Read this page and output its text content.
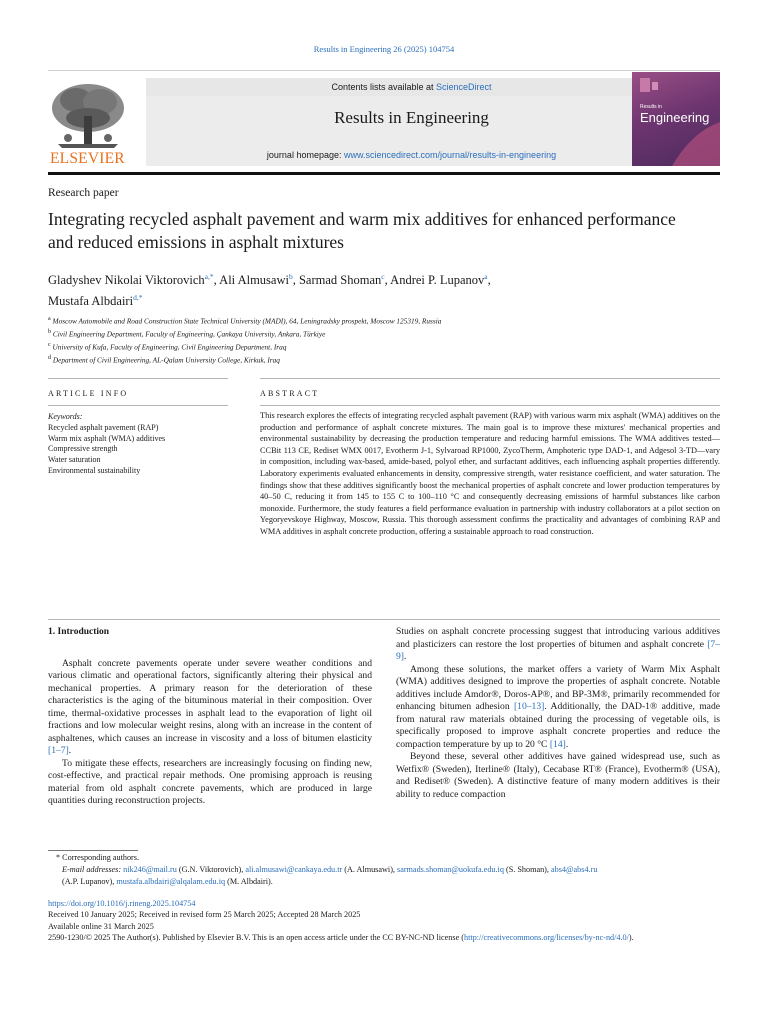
Results in Engineering 26 (2025) 104754
ELSEVIER
Contents lists available at ScienceDirect
Results in Engineering
journal homepage: www.sciencedirect.com/journal/results-in-engineering
Results in
Engineering
Research paper
Integrating recycled asphalt pavement and warm mix additives for enhanced performance and reduced emissions in asphalt mixtures
Gladyshev Nikolai Viktorovich$^{a,*}$, Ali Almusawi$^b$, Sarmad Shoman$^c$, Andrei P. Lupanov$^a$,
Mustafa Albdairi$^{d,*}$
$^a$ Moscow Automobile and Road Construction State Technical University (MADI), 64, Leningradsky prospekt, Moscow 125319, Russia
$^b$ Civil Engineering Department, Faculty of Engineering, Çankaya University, Ankara, Türkiye
$^c$ University of Kufa, Faculty of Engineering, Civil Engineering Department, Iraq
$^d$ Department of Civil Engineering, AL-Qalam University College, Kirkuk, Iraq
ARTICLE INFO	ABSTRACT
Keywords:
Recycled asphalt pavement (RAP)
Warm mix asphalt (WMA) additives
Compressive strength
Water saturation
Environmental sustainability
This research explores the effects of integrating recycled asphalt pavement (RAP) with various warm mix asphalt (WMA) additives on the production and performance of asphalt concrete mixtures. The main goal is to improve these mixtures' mechanical properties and environmental sustainability by decreasing the production temperature and reducing harmful emissions. The WMA additives tested—CCBit 113 CE, Rediset WMX 0017, Evotherm J-1, Sylvaroad RP1000, ZycoTherm, Amphoteric type DAD-1, and Adgesol 3-TD—vary in composition, including wax-based, amide-based, polyol ether, and surfactant additives, each influencing asphalt properties differently. Laboratory experiments evaluated enhancements in density, compressive strength, water resistance coefficient, and water saturation. The findings show that these additives significantly boost the mechanical properties of asphalt concrete and lower production temperatures by 40–50 C, reducing it from 145 to 155 C to 100–110 °C and consequently decreasing emissions of harmful substances like carbon monoxide. Furthermore, the study features a field performance evaluation in partnership with industry collaborators at a pilot section on Yegoryevskoye Highway, Moscow, Russia. This thorough assessment confirms the practicality and advantages of combining RAP and WMA additives in asphalt concrete production, offering a sustainable approach to road construction.

1. Introduction

Asphalt concrete pavements operate under severe weather conditions and various climatic and operational factors, significantly altering their physical and mechanical properties. A primary reason for the deterioration of these characteristics is the aging of the bituminous material in their composition. Over time, thermal-oxidative processes in asphalt lead to the evaporation of light oil fractions and low molecular weight resins, along with an increase in the content of asphaltenes, which causes an increase in viscosity and a loss of bitumen elasticity [1–7].

To mitigate these effects, researchers are increasingly focusing on finding new, cost-effective, and practical repair methods. One promising approach is reusing material from old asphalt concrete pavements, which are produced in large quantities during reconstruction projects.

Studies on asphalt concrete processing suggest that introducing various additives and plasticizers can restore the lost properties of bitumen and asphalt concrete [7–9].

Among these solutions, the market offers a variety of Warm Mix Asphalt (WMA) additives designed to improve the properties of asphalt concrete. Notable additives include Amdor®, Doros-AP®, and BP-3M®, primarily recommended for enhancing bitumen adhesion [10–13]. Additionally, the DAD-1® additive, made from natural raw materials obtained during the processing of vegetable oils, is specifically proposed to improve asphalt concrete properties and reduce the compaction temperature by up to 20 °C [14].

Beyond these, several other additives have gained widespread use, such as Wetfix® (Sweden), Iterline® (Italy), Cecabase RT® (France), Evotherm® (USA), and Rediset® (Sweden). A distinctive feature of many modern additives is their ability to reduce compaction

* Corresponding authors.
E-mail addresses: nik246@mail.ru (G.N. Viktorovich), ali.almusawi@cankaya.edu.tr (A. Almusawi), sarmads.shoman@uokufa.edu.iq (S. Shoman), abs4@abs4.ru
(A.P. Lupanov), mustafa.albdairi@alqalam.edu.iq (M. Albdairi).
https://doi.org/10.1016/j.rineng.2025.104754
Received 10 January 2025; Received in revised form 25 March 2025; Accepted 28 March 2025
Available online 31 March 2025
2590-1230/© 2025 The Author(s). Published by Elsevier B.V. This is an open access article under the CC BY-NC-ND license (http://creativecommons.org/licenses/by-nc-nd/4.0/).
